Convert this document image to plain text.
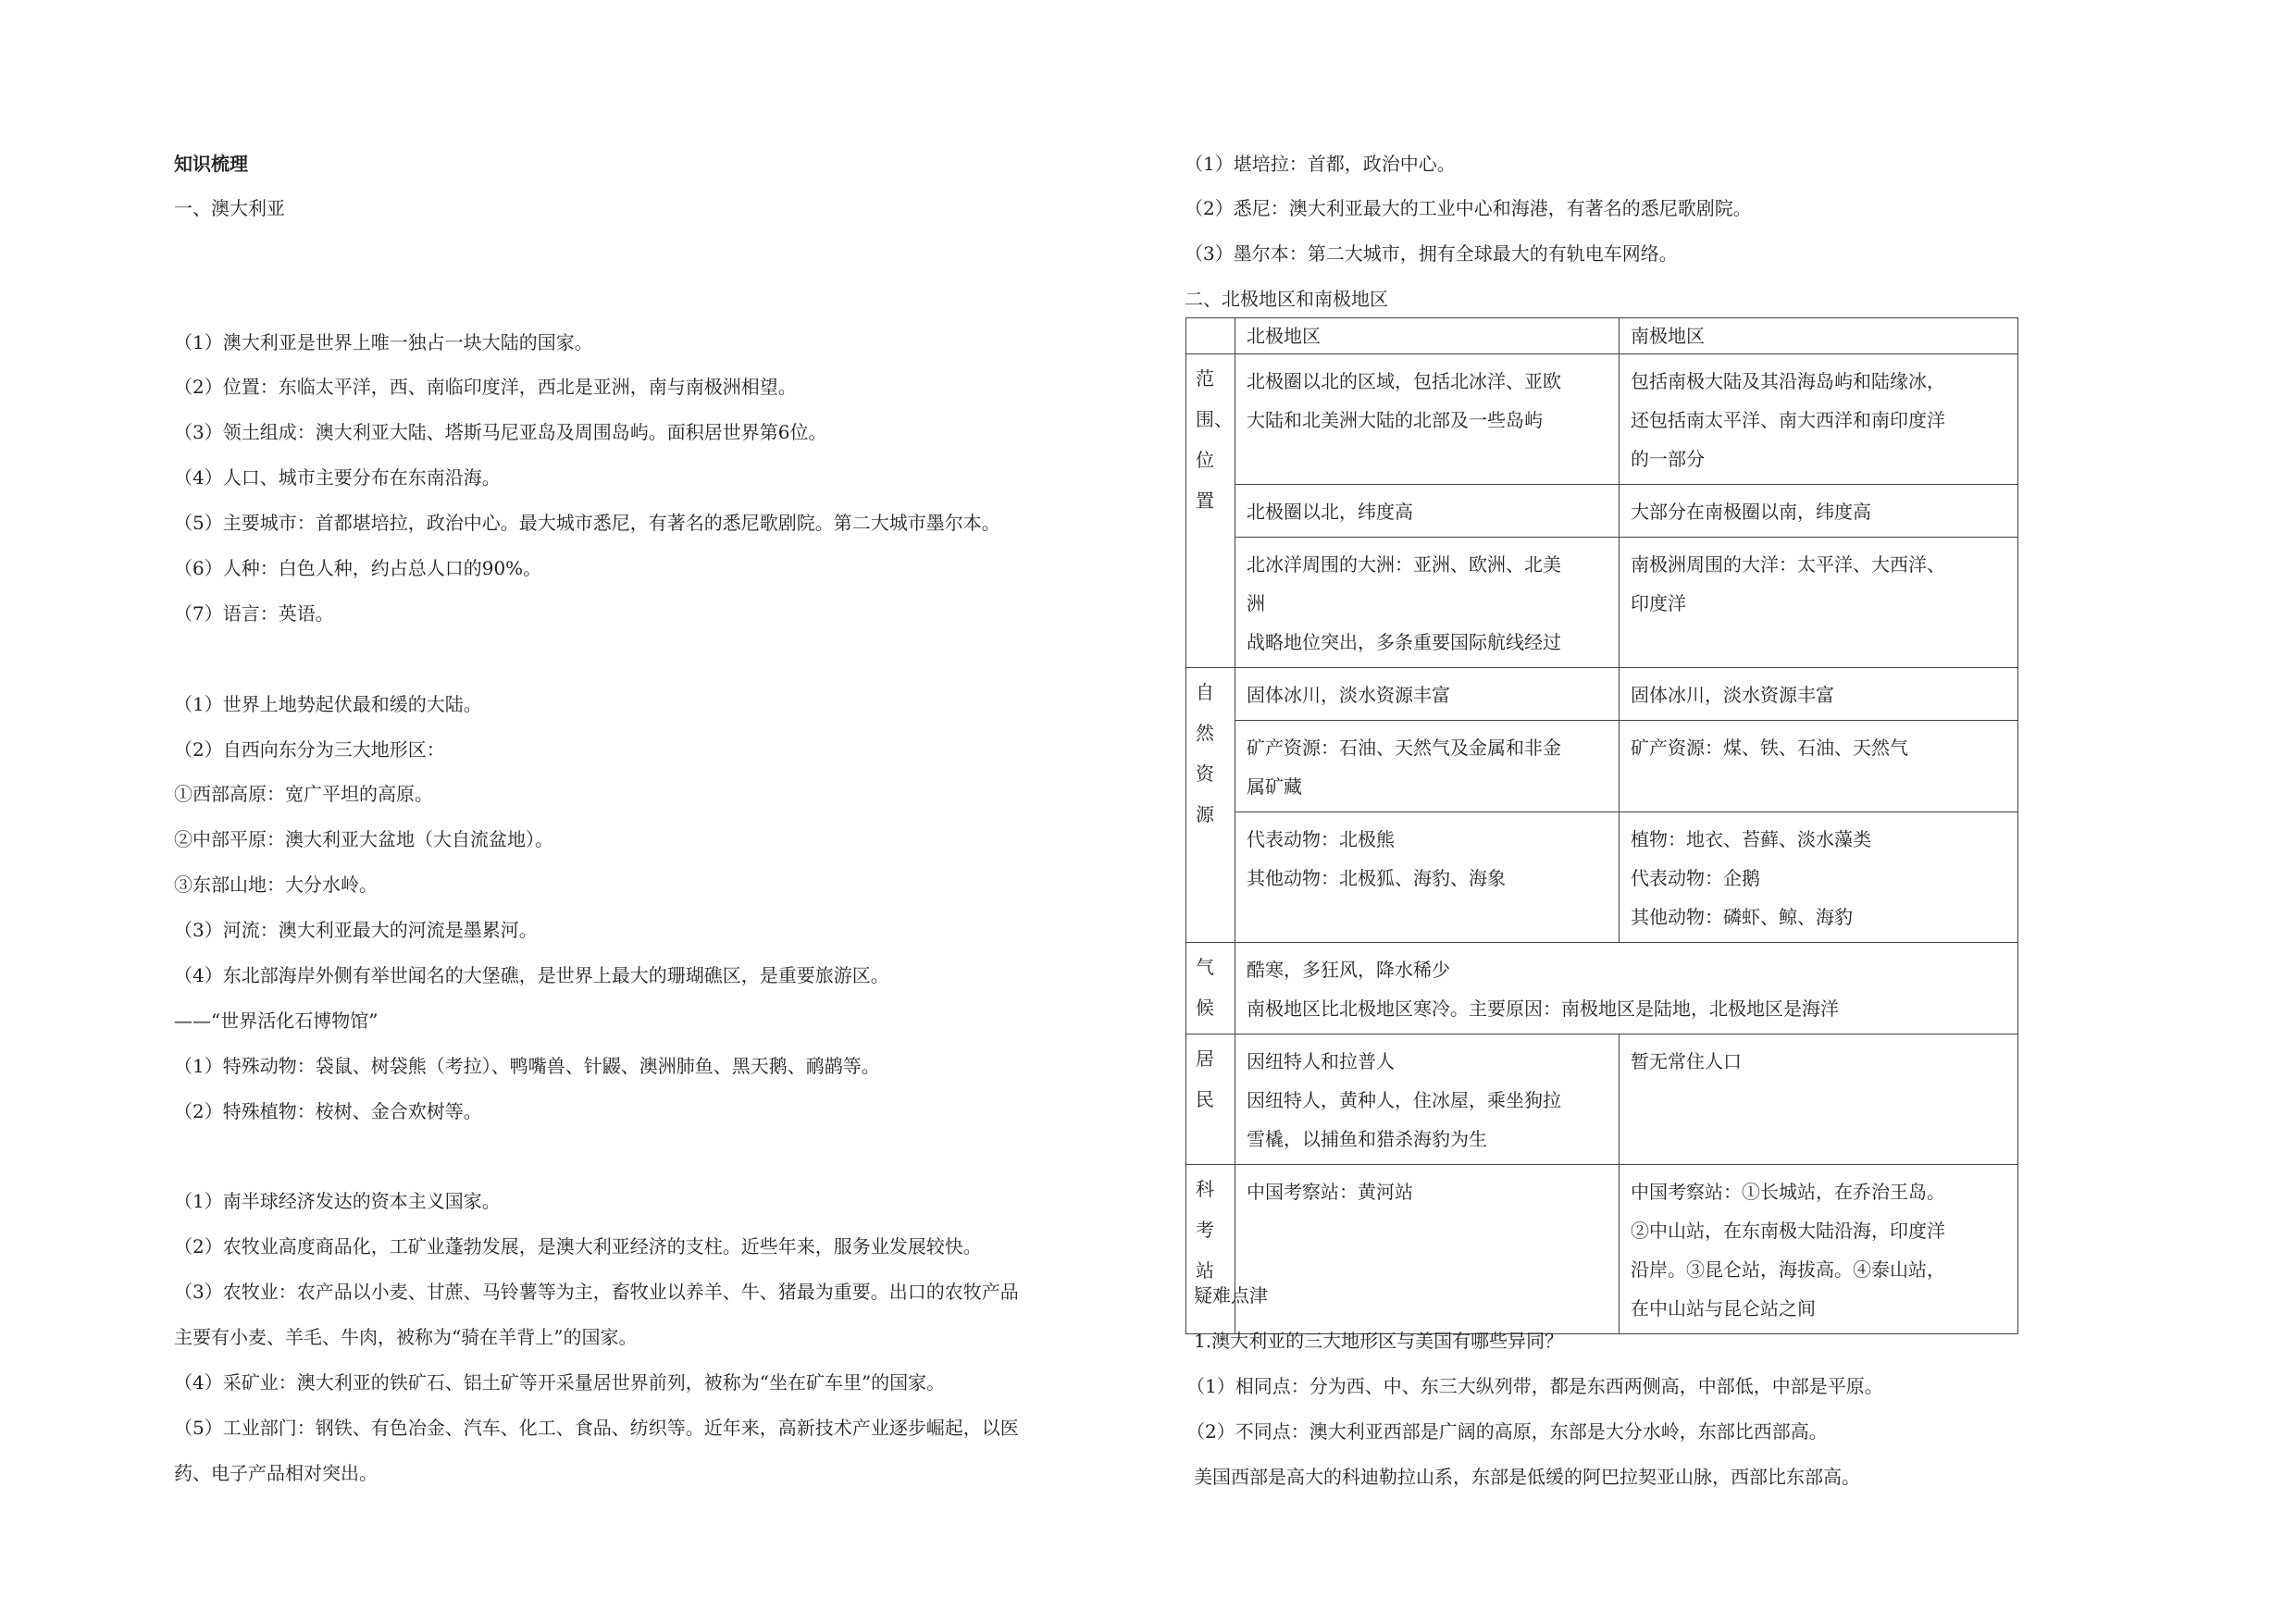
知识梳理
一、澳大利亚
（1）澳大利亚是世界上唯一独占一块大陆的国家。
（2）位置：东临太平洋，西、南临印度洋，西北是亚洲，南与南极洲相望。
（3）领土组成：澳大利亚大陆、塔斯马尼亚岛及周围岛屿。面积居世界第6位。
（4）人口、城市主要分布在东南沿海。
（5）主要城市：首都堪培拉，政治中心。最大城市悉尼，有著名的悉尼歌剧院。第二大城市墨尔本。
（6）人种：白色人种，约占总人口的90%。
（7）语言：英语。
（1）世界上地势起伏最和缓的大陆。
（2）自西向东分为三大地形区：
①西部高原：宽广平坦的高原。
②中部平原：澳大利亚大盆地（大自流盆地）。
③东部山地：大分水岭。
（3）河流：澳大利亚最大的河流是墨累河。
（4）东北部海岸外侧有举世闻名的大堡礁，是世界上最大的珊瑚礁区，是重要旅游区。
——“世界活化石博物馆”
（1）特殊动物：袋鼠、树袋熊（考拉）、鸭嘴兽、针鼹、澳洲肺鱼、黑天鹅、鸸鹋等。
（2）特殊植物：桉树、金合欢树等。
（1）南半球经济发达的资本主义国家。
（2）农牧业高度商品化，工矿业蓬勃发展，是澳大利亚经济的支柱。近些年来，服务业发展较快。
（3）农牧业：农产品以小麦、甘蔗、马铃薯等为主，畜牧业以养羊、牛、猪最为重要。出口的农牧产品
主要有小麦、羊毛、牛肉，被称为“骑在羊背上”的国家。
（4）采矿业：澳大利亚的铁矿石、铝土矿等开采量居世界前列，被称为“坐在矿车里”的国家。
（5）工业部门：钢铁、有色冶金、汽车、化工、食品、纺织等。近年来，高新技术产业逐步崛起，以医
药、电子产品相对突出。
（1）堪培拉：首都，政治中心。
（2）悉尼：澳大利亚最大的工业中心和海港，有著名的悉尼歌剧院。
（3）墨尔本：第二大城市，拥有全球最大的有轨电车网络。
二、北极地区和南极地区
	北极地区	南极地区

范
围、
位
置	北极圈以北的区域，包括北冰洋、亚欧
大陆和北美洲大陆的北部及一些岛屿	包括南极大陆及其沿海岛屿和陆缘冰，
还包括南太平洋、南大西洋和南印度洋
的一部分

	北极圈以北，纬度高	大部分在南极圈以南，纬度高

	北冰洋周围的大洲：亚洲、欧洲、北美
洲
战略地位突出，多条重要国际航线经过	南极洲周围的大洋：太平洋、大西洋、
印度洋

自
然
资
源	固体冰川，淡水资源丰富	固体冰川，淡水资源丰富

	矿产资源：石油、天然气及金属和非金
属矿藏	矿产资源：煤、铁、石油、天然气

	代表动物：北极熊
其他动物：北极狐、海豹、海象	植物：地衣、苔藓、淡水藻类
代表动物：企鹅
其他动物：磷虾、鲸、海豹

气
候	酷寒，多狂风，降水稀少
南极地区比北极地区寒冷。主要原因：南极地区是陆地，北极地区是海洋	

居
民	因纽特人和拉普人
因纽特人，黄种人，住冰屋，乘坐狗拉
雪橇，以捕鱼和猎杀海豹为生	暂无常住人口

科
考
站	中国考察站：黄河站	中国考察站：①长城站，在乔治王岛。
②中山站，在东南极大陆沿海，印度洋
沿岸。③昆仑站，海拔高。④泰山站，
在中山站与昆仑站之间
疑难点津
1.澳大利亚的三大地形区与美国有哪些异同？
（1）相同点：分为西、中、东三大纵列带，都是东西两侧高，中部低，中部是平原。
（2）不同点：澳大利亚西部是广阔的高原，东部是大分水岭，东部比西部高。
美国西部是高大的科迪勒拉山系，东部是低缓的阿巴拉契亚山脉，西部比东部高。
